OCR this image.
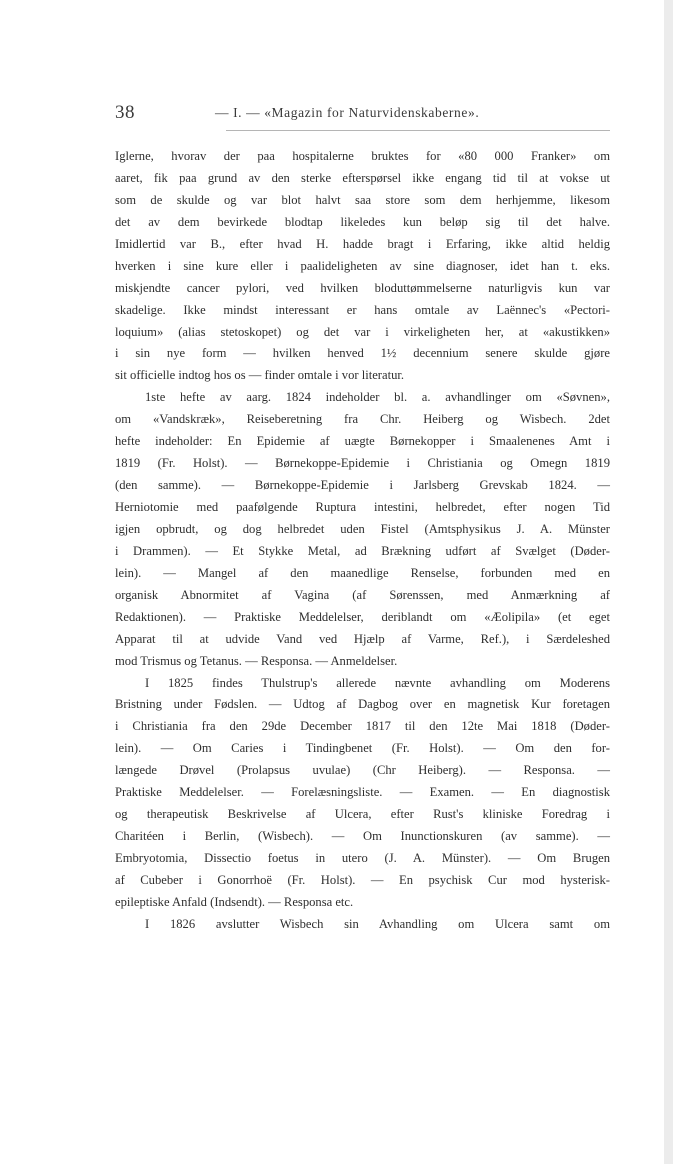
38	— I. — «Magazin for Naturvidenskaberne».
Iglerne, hvorav der paa hospitalerne bruktes for «80 000 Franker» om
aaret, fik paa grund av den sterke efterspørsel ikke engang tid til at vokse ut
som de skulde og var blot halvt saa store som dem herhjemme, likesom
det av dem bevirkede blodtap likeledes kun beløp sig til det halve.
Imidlertid var B., efter hvad H. hadde bragt i Erfaring, ikke altid heldig
hverken i sine kure eller i paalideligheten av sine diagnoser, idet han t. eks.
miskjendte cancer pylori, ved hvilken bloduttømmelserne naturligvis kun var
skadelige. Ikke mindst interessant er hans omtale av Laënnec's «Pectori-
loquium» (alias stetoskopet) og det var i virkeligheten her, at «akustikken»
i sin nye form — hvilken henved 1½ decennium senere skulde gjøre
sit officielle indtog hos os — finder omtale i vor literatur.
1ste hefte av aarg. 1824 indeholder bl. a. avhandlinger om «Søvnen»,
om «Vandskræk», Reiseberetning fra Chr. Heiberg og Wisbech. 2det
hefte indeholder: En Epidemie af uægte Børnekopper i Smaalenenes Amt i
1819 (Fr. Holst). — Børnekoppe-Epidemie i Christiania og Omegn 1819
(den samme). — Børnekoppe-Epidemie i Jarlsberg Grevskab 1824. —
Herniotomie med paafølgende Ruptura intestini, helbredet, efter nogen Tid
igjen opbrudt, og dog helbredet uden Fistel (Amtsphysikus J. A. Münster
i Drammen). — Et Stykke Metal, ad Brækning udført af Svælget (Døder-
lein). — Mangel af den maanedlige Renselse, forbunden med en
organisk Abnormitet af Vagina (af Sørenssen, med Anmærkning af
Redaktionen). — Praktiske Meddelelser, deriblandt om «Æolipila» (et eget
Apparat til at udvide Vand ved Hjælp af Varme, Ref.), i Særdeleshed
mod Trismus og Tetanus. — Responsa. — Anmeldelser.
I 1825 findes Thulstrup's allerede nævnte avhandling om Moderens
Bristning under Fødslen. — Udtog af Dagbog over en magnetisk Kur foretagen
i Christiania fra den 29de December 1817 til den 12te Mai 1818 (Døder-
lein). — Om Caries i Tindingbenet (Fr. Holst). — Om den for-
længede Drøvel (Prolapsus uvulae) (Chr Heiberg). — Responsa. —
Praktiske Meddelelser. — Forelæsningsliste. — Examen. — En diagnostisk
og therapeutisk Beskrivelse af Ulcera, efter Rust's kliniske Foredrag i
Charitéen i Berlin, (Wisbech). — Om Inunctionskuren (av samme). —
Embryotomia, Dissectio foetus in utero (J. A. Münster). — Om Brugen
af Cubeber i Gonorrhoë (Fr. Holst). — En psychisk Cur mod hysterisk-
epileptiske Anfald (Indsendt). — Responsa etc.
I 1826 avslutter Wisbech sin Avhandling om Ulcera samt om
